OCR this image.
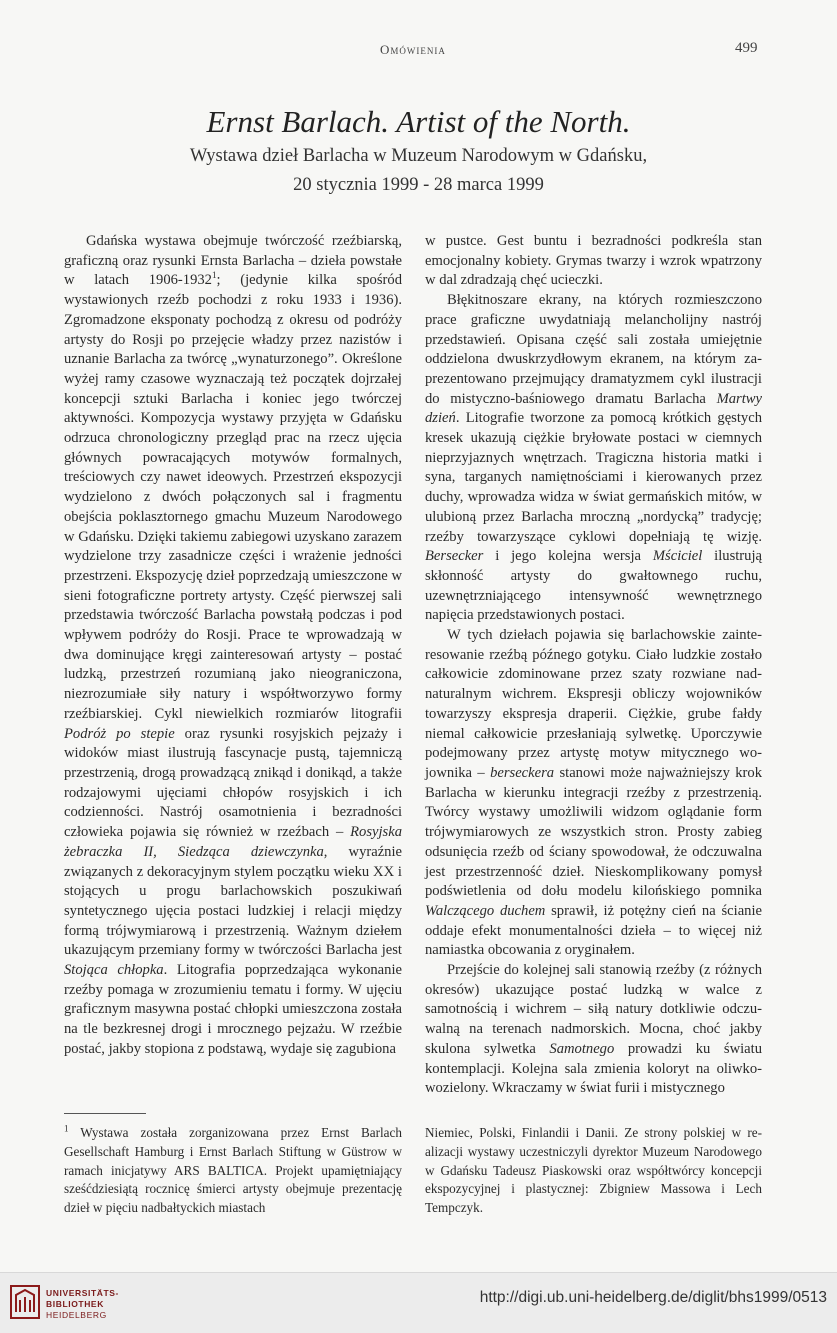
Omówienia	499
Ernst Barlach. Artist of the North.
Wystawa dzieł Barlacha w Muzeum Narodowym w Gdańsku,
20 stycznia 1999 - 28 marca 1999

Gdańska wystawa obejmuje twórczość rzeźbiarską, graficzną oraz rysunki Ernsta Barlacha – dzieła powstałe w latach 1906-1932$^1$; (jedynie kilka spośród wystawionych rzeźb pochodzi z roku 1933 i 1936). Zgromadzone eksponaty pochodzą z okresu od podróży artysty do Rosji po przejęcie władzy przez nazistów i uznanie Barlacha za twórcę „wynaturzonego”. Określone wyżej ramy czasowe wyznaczają też początek dojrzałej koncepcji sztuki Barlacha i koniec jego twórczej aktywności. Kompozycja wystawy przyjęta w Gdańsku odrzuca chronologiczny przegląd prac na rzecz ujęcia głównych powracających motywów formalnych, treściowych czy nawet ideowych. Przestrzeń ekspozycji wydzielono z dwóch połączonych sal i fragmentu obejścia poklasztornego gmachu Muzeum Narodowego w Gdańsku. Dzięki takiemu zabiegowi uzyskano zarazem wydzielone trzy zasadnicze części i wrażenie jedności przestrzeni. Ekspozycję dzieł poprzedzają umieszczone w sieni fotograficzne portrety artysty. Część pierwszej sali przedstawia twórczość Barlacha powstałą podczas i pod wpływem podróży do Rosji. Prace te wprowadzają w dwa dominujące kręgi zainteresowań artysty – postać ludzką, przestrzeń rozumianą jako nieograniczona, niezrozumiałe siły natury i współtworzywo formy rzeźbiarskiej. Cykl niewielkich rozmiarów litografii Podróż po stepie oraz rysunki rosyjskich pejzaży i widoków miast ilustrują fascynacje pustą, tajemniczą przestrzenią, drogą prowadzącą znikąd i donikąd, a także rodzajowymi ujęciami chłopów rosyjskich i ich codzienności. Nastrój osamotnienia i bezradności człowieka pojawia się również w rzeźbach – Rosyjska żebraczka II, Siedząca dziewczynka, wyraźnie związanych z dekoracyjnym stylem początku wieku XX i stojących u progu barlachowskich poszukiwań syntetycznego ujęcia postaci ludzkiej i relacji między formą trójwymiarową i przestrzenią. Ważnym dziełem ukazującym przemiany formy w twórczości Barlacha jest Stojąca chłopka. Litografia poprzedzająca wykonanie rzeźby pomaga w zrozumieniu tematu i formy. W ujęciu graficznym masywna postać chłopki umieszczona została na tle bezkresnej drogi i mrocznego pejzażu. W rzeźbie postać, jakby stopiona z podstawą, wydaje się zagubiona

w pustce. Gest buntu i bezradności podkreśla stan emocjonalny kobiety. Grymas twarzy i wzrok wpatrzony w dal zdradzają chęć ucieczki.

Błękitnoszare ekrany, na których rozmieszczono prace graficzne uwydatniają melancholijny nastrój przedstawień. Opisana część sali została umiejętnie oddzielona dwuskrzydłowym ekranem, na którym zaprezentowano przejmujący dramatyzmem cykl ilustracji do mistyczno-baśniowego dramatu Barlacha Martwy dzień. Litografie tworzone za pomocą krótkich gęstych kresek ukazują ciężkie bryłowate postaci w ciemnych nieprzyjaznych wnętrzach. Tragiczna historia matki i syna, targanych namiętnościami i kierowanych przez duchy, wprowadza widza w świat germańskich mitów, w ulubioną przez Barlacha mroczną „nordycką” tradycję; rzeźby towarzyszące cyklowi dopełniają tę wizję. Bersecker i jego kolejna wersja Mściciel ilustrują skłonność artysty do gwałtownego ruchu, uzewnętrzniającego intensywność wewnętrznego napięcia przedstawionych postaci.

W tych dziełach pojawia się barlachowskie zainteresowanie rzeźbą późnego gotyku. Ciało ludzkie zostało całkowicie zdominowane przez szaty rozwiane nadnaturalnym wichrem. Ekspresji obliczy wojowników towarzyszy ekspresja draperii. Ciężkie, grube fałdy niemal całkowicie przesłaniają sylwetkę. Uporczywie podejmowany przez artystę motyw mitycznego wojownika – berseckera stanowi może najważniejszy krok Barlacha w kierunku integracji rzeźby z przestrzenią. Twórcy wystawy umożliwili widzom oglądanie form trójwymiarowych ze wszystkich stron. Prosty zabieg odsunięcia rzeźb od ściany spowodował, że odczuwalna jest przestrzenność dzieł. Nieskomplikowany pomysł podświetlenia od dołu modelu kilońskiego pomnika Walczącego duchem sprawił, iż potężny cień na ścianie oddaje efekt monumentalności dzieła – to więcej niż namiastka obcowania z oryginałem.

Przejście do kolejnej sali stanowią rzeźby (z różnych okresów) ukazujące postać ludzką w walce z samotnością i wichrem – siłą natury dotkliwie odczuwalną na terenach nadmorskich. Mocna, choć jakby skulona sylwetka Samotnego prowadzi ku światu kontemplacji. Kolejna sala zmienia koloryt na oliwkowozielony. Wkraczamy w świat furii i mistycznego

$^1$ Wystawa została zorganizowana przez Ernst Barlach Gesellschaft Hamburg i Ernst Barlach Stiftung w Güstrow w ramach inicjatywy ARS BALTICA. Projekt upamiętniający sześćdziesiątą rocznicę śmierci artysty obejmuje prezentację dzieł w pięciu nadbałtyckich miastach

Niemiec, Polski, Finlandii i Danii. Ze strony polskiej w realizacji wystawy uczestniczyli dyrektor Muzeum Narodowego w Gdańsku Tadeusz Piaskowski oraz współtwórcy koncepcji ekspozycyjnej i plastycznej: Zbigniew Massowa i Lech Tempczyk.

UNIVERSITÄTS-
BIBLIOTHEK
HEIDELBERG
http://digi.ub.uni-heidelberg.de/diglit/bhs1999/0513
